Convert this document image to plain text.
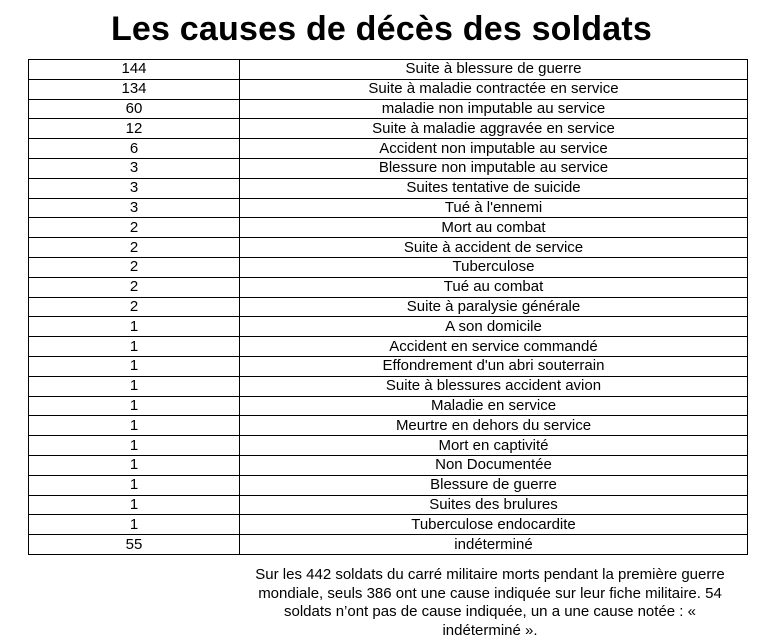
Les causes de décès des soldats
144	Suite à blessure de guerre
134	Suite à maladie contractée en service
60	maladie non imputable au service
12	Suite à maladie aggravée en service
6	Accident non imputable au service
3	Blessure non imputable au service
3	Suites tentative de suicide
3	Tué à l'ennemi
2	Mort au combat
2	Suite à accident de service
2	Tuberculose
2	Tué au combat
2	Suite à paralysie générale
1	A son domicile
1	Accident en service commandé
1	Effondrement d'un abri souterrain
1	Suite à blessures accident avion
1	Maladie en service
1	Meurtre en dehors du service
1	Mort en captivité
1	Non Documentée
1	Blessure de guerre
1	Suites des brulures
1	Tuberculose endocardite
55	indéterminé
Sur les 442 soldats du carré militaire morts pendant la première guerre mondiale, seuls 386 ont une cause indiquée sur leur fiche militaire. 54 soldats n’ont pas de cause indiquée, un a une cause notée : « indéterminé ».
